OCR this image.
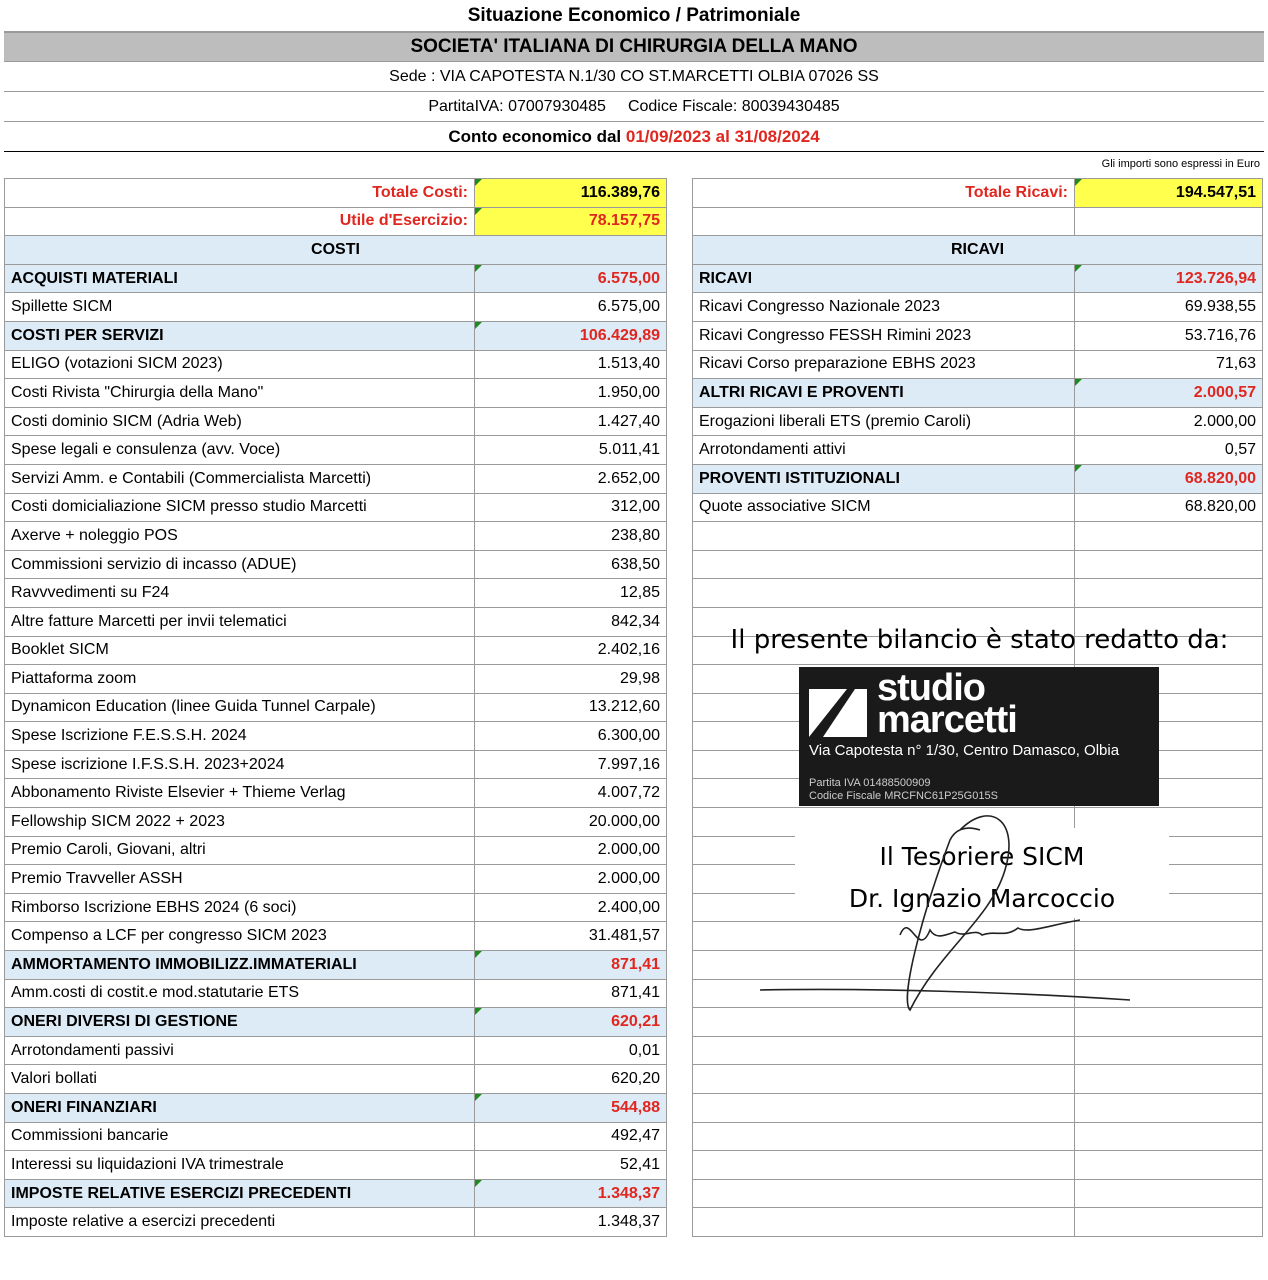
Situazione Economico / Patrimoniale
SOCIETA' ITALIANA DI CHIRURGIA DELLA MANO
Sede : VIA CAPOTESTA N.1/30 CO ST.MARCETTI OLBIA 07026 SS
PartitaIVA: 07007930485 Codice Fiscale: 80039430485
Conto economico dal 01/09/2023 al 31/08/2024
Gli importi sono espressi in Euro
Totale Costi:	116.389,76
Utile d'Esercizio:	78.157,75
COSTI	
ACQUISTI MATERIALI	6.575,00
Spillette SICM	6.575,00
COSTI PER SERVIZI	106.429,89
ELIGO (votazioni SICM 2023)	1.513,40
Costi Rivista "Chirurgia della Mano"	1.950,00
Costi dominio SICM (Adria Web)	1.427,40
Spese legali e consulenza (avv. Voce)	5.011,41
Servizi Amm. e Contabili (Commercialista Marcetti)	2.652,00
Costi domicialiazione SICM presso studio Marcetti	312,00
Axerve + noleggio POS	238,80
Commissioni servizio di incasso (ADUE)	638,50
Ravvvedimenti su F24	12,85
Altre fatture Marcetti per invii telematici	842,34
Booklet SICM	2.402,16
Piattaforma zoom	29,98
Dynamicon Education (linee Guida Tunnel Carpale)	13.212,60
Spese Iscrizione F.E.S.S.H. 2024	6.300,00
Spese iscrizione I.F.S.S.H. 2023+2024	7.997,16
Abbonamento Riviste Elsevier + Thieme Verlag	4.007,72
Fellowship SICM 2022 + 2023	20.000,00
Premio Caroli, Giovani, altri	2.000,00
Premio Travveller ASSH	2.000,00
Rimborso Iscrizione EBHS 2024 (6 soci)	2.400,00
Compenso a LCF per congresso SICM 2023	31.481,57
AMMORTAMENTO IMMOBILIZZ.IMMATERIALI	871,41
Amm.costi di costit.e mod.statutarie ETS	871,41
ONERI DIVERSI DI GESTIONE	620,21
Arrotondamenti passivi	0,01
Valori bollati	620,20
ONERI FINANZIARI	544,88
Commissioni bancarie	492,47
Interessi su liquidazioni IVA trimestrale	52,41
IMPOSTE RELATIVE ESERCIZI PRECEDENTI	1.348,37
Imposte relative a esercizi precedenti	1.348,37
Totale Ricavi:	194.547,51

RICAVI	
RICAVI	123.726,94
Ricavi Congresso Nazionale 2023	69.938,55
Ricavi Congresso FESSH Rimini 2023	53.716,76
Ricavi Corso preparazione EBHS 2023	71,63
ALTRI RICAVI E PROVENTI	2.000,57
Erogazioni liberali ETS (premio Caroli)	2.000,00
Arrotondamenti attivi	0,57
PROVENTI ISTITUZIONALI	68.820,00
Quote associative SICM	68.820,00

Il presente bilancio è stato redatto da:
studio
marcetti
Via Capotesta n° 1/30, Centro Damasco, Olbia
Partita IVA 01488500909
Codice Fiscale MRCFNC61P25G015S
Il Tesoriere SICM
Dr. Ignazio Marcoccio
